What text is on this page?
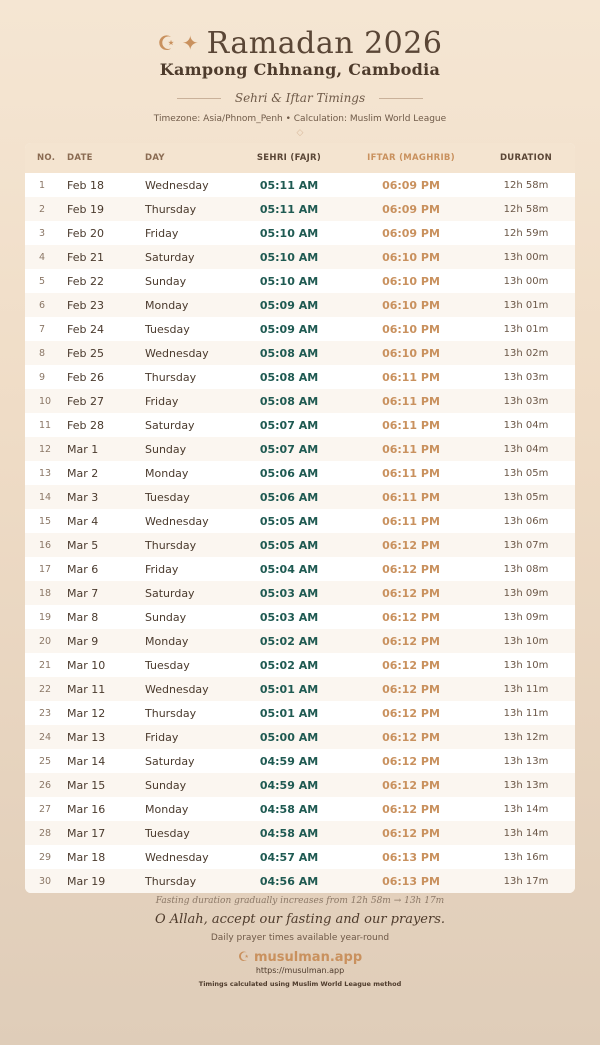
☪ ✦ Ramadan 2026
Kampong Chhnang, Cambodia
Sehri & Iftar Timings
Timezone: Asia/Phnom_Penh • Calculation: Muslim World League
◇
NO.	DATE	DAY	SEHRI (FAJR)	IFTAR (MAGHRIB)	DURATION
1	Feb 18	Wednesday	05:11 AM	06:09 PM	12h 58m
2	Feb 19	Thursday	05:11 AM	06:09 PM	12h 58m
3	Feb 20	Friday	05:10 AM	06:09 PM	12h 59m
4	Feb 21	Saturday	05:10 AM	06:10 PM	13h 00m
5	Feb 22	Sunday	05:10 AM	06:10 PM	13h 00m
6	Feb 23	Monday	05:09 AM	06:10 PM	13h 01m
7	Feb 24	Tuesday	05:09 AM	06:10 PM	13h 01m
8	Feb 25	Wednesday	05:08 AM	06:10 PM	13h 02m
9	Feb 26	Thursday	05:08 AM	06:11 PM	13h 03m
10	Feb 27	Friday	05:08 AM	06:11 PM	13h 03m
11	Feb 28	Saturday	05:07 AM	06:11 PM	13h 04m
12	Mar 1	Sunday	05:07 AM	06:11 PM	13h 04m
13	Mar 2	Monday	05:06 AM	06:11 PM	13h 05m
14	Mar 3	Tuesday	05:06 AM	06:11 PM	13h 05m
15	Mar 4	Wednesday	05:05 AM	06:11 PM	13h 06m
16	Mar 5	Thursday	05:05 AM	06:12 PM	13h 07m
17	Mar 6	Friday	05:04 AM	06:12 PM	13h 08m
18	Mar 7	Saturday	05:03 AM	06:12 PM	13h 09m
19	Mar 8	Sunday	05:03 AM	06:12 PM	13h 09m
20	Mar 9	Monday	05:02 AM	06:12 PM	13h 10m
21	Mar 10	Tuesday	05:02 AM	06:12 PM	13h 10m
22	Mar 11	Wednesday	05:01 AM	06:12 PM	13h 11m
23	Mar 12	Thursday	05:01 AM	06:12 PM	13h 11m
24	Mar 13	Friday	05:00 AM	06:12 PM	13h 12m
25	Mar 14	Saturday	04:59 AM	06:12 PM	13h 13m
26	Mar 15	Sunday	04:59 AM	06:12 PM	13h 13m
27	Mar 16	Monday	04:58 AM	06:12 PM	13h 14m
28	Mar 17	Tuesday	04:58 AM	06:12 PM	13h 14m
29	Mar 18	Wednesday	04:57 AM	06:13 PM	13h 16m
30	Mar 19	Thursday	04:56 AM	06:13 PM	13h 17m
Fasting duration gradually increases from 12h 58m → 13h 17m
O Allah, accept our fasting and our prayers.
Daily prayer times available year-round
☪ musulman.app
https://musulman.app
Timings calculated using Muslim World League method
